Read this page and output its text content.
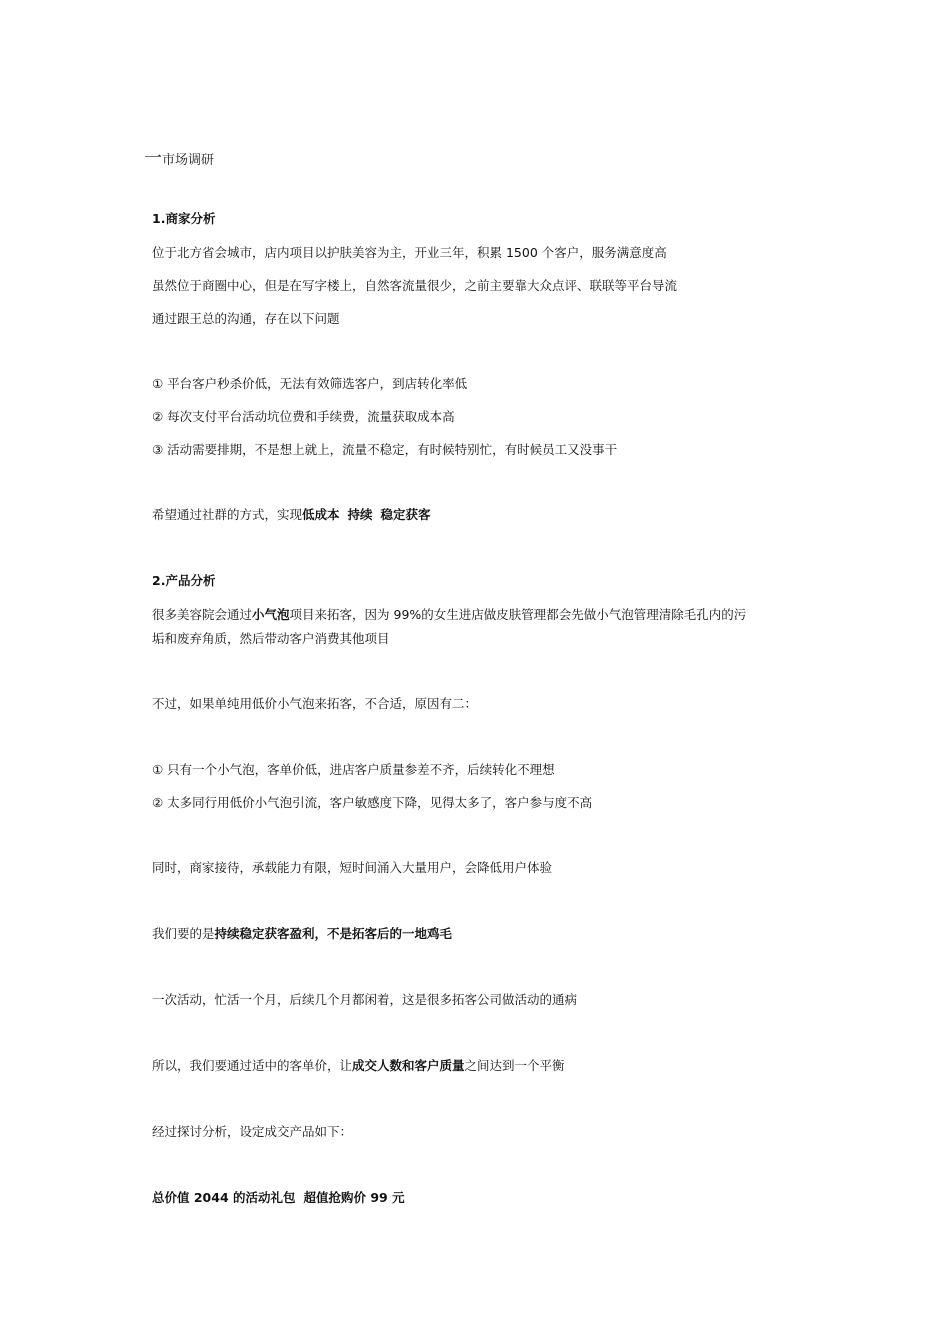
一市场调研
1.商家分析
位于北方省会城市，店内项目以护肤美容为主，开业三年，积累 1500 个客户，服务满意度高
虽然位于商圈中心，但是在写字楼上，自然客流量很少，之前主要靠大众点评、联联等平台导流
通过跟王总的沟通，存在以下问题
① 平台客户秒杀价低，无法有效筛选客户，到店转化率低
② 每次支付平台活动坑位费和手续费，流量获取成本高
③ 活动需要排期，不是想上就上，流量不稳定，有时候特别忙，有时候员工又没事干
希望通过社群的方式，实现低成本 持续 稳定获客
2.产品分析
很多美容院会通过小气泡项目来拓客，因为 99%的女生进店做皮肤管理都会先做小气泡管理清除毛孔内的污
垢和废弃角质，然后带动客户消费其他项目
不过，如果单纯用低价小气泡来拓客，不合适，原因有二：
① 只有一个小气泡，客单价低，进店客户质量参差不齐，后续转化不理想
② 太多同行用低价小气泡引流，客户敏感度下降，见得太多了，客户参与度不高
同时，商家接待，承载能力有限，短时间涌入大量用户，会降低用户体验
我们要的是持续稳定获客盈利，不是拓客后的一地鸡毛
一次活动，忙活一个月，后续几个月都闲着，这是很多拓客公司做活动的通病
所以，我们要通过适中的客单价，让成交人数和客户质量之间达到一个平衡
经过探讨分析，设定成交产品如下：
总价值 2044 的活动礼包 超值抢购价 99 元
